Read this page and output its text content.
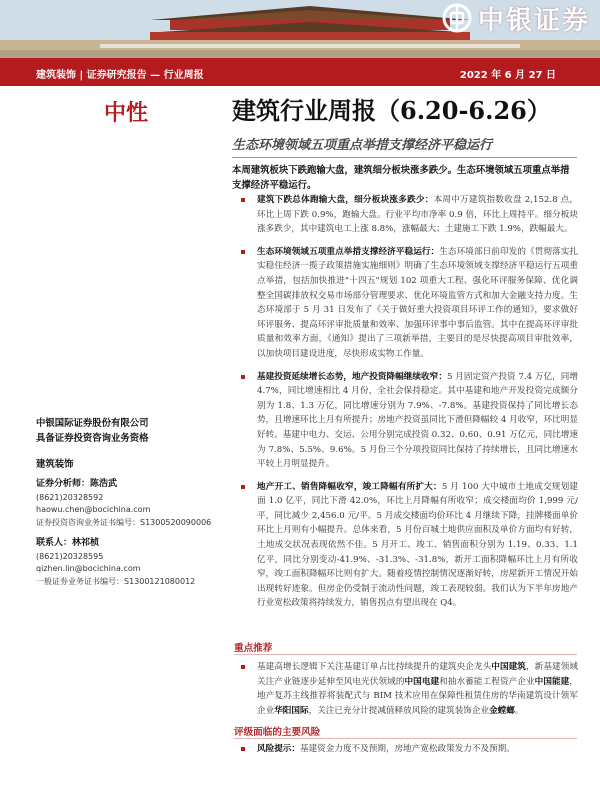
中银证券
建筑装饰 | 证券研究报告 — 行业周报	2022 年 6 月 27 日
中性	建筑行业周报（6.20-6.26）
生态环境领域五项重点举措支撑经济平稳运行
本周建筑板块下跌跑输大盘，建筑细分板块涨多跌少。生态环境领域五项重点举措支撑经济平稳运行。
建筑下跌总体跑输大盘，细分板块涨多跌少：本周中万建筑指数收盘 2,152.8 点，环比上周下跌 0.9%，跑输大盘。行业平均市净率 0.9 倍，环比上周持平。细分板块涨多跌少，其中建筑电工上涨 8.8%，涨幅最大；土建施工下跌 1.9%，跌幅最大。
生态环境领域五项重点举措支撑经济平稳运行：生态环境部日前印发的《贯彻落实扎实稳住经济一揽子政策措施实施细则》明确了生态环境领域支撑经济平稳运行五项重点举措，包括加快推进"十四五"规划 102 项重大工程、强化环评服务保障、优化调整全国碳排放权交易市场部分管理要求、优化环境监管方式和加大金融支持力度。生态环境部于 5 月 31 日发布了《关于做好重大投资项目环评工作的通知》，要求做好环评服务、提高环评审批质量和效率、加强环评事中事后监管。其中在提高环评审批质量和效率方面，《通知》提出了三项新举措，主要目的是尽快提高项目审批效率，以加快项目建设进度，尽快形成实物工作量。
基建投资延续增长态势，地产投资降幅继续收窄：5 月固定资产投资 7.4 万亿，同增 4.7%，同比增速相比 4 月份，全社会保持稳定。其中基建和地产开发投资完成额分别为 1.8、1.3 万亿，同比增速分别为 7.9%、-7.8%。基建投资保持了同比增长态势，且增速环比上月有所提升；房地产投资虽同比下滑但降幅较 4 月收窄，环比明显好转。基建中电力、交运、公用分别完成投资 0.32、0.60、0.91 万亿元，同比增速为 7.8%、5.5%、9.6%。5 月份三个分项投资同比保持了持续增长，且同比增速水平较上月明显提升。
地产开工、销售降幅收窄，竣工降幅有所扩大：5 月 100 大中城市土地成交规划建面 1.0 亿平，同比下滑 42.0%，环比上月降幅有所收窄；成交楼面均价 1,999 元/平，同比减少 2,456.0 元/平。5 月成交楼面均价环比 4 月继续下降，挂牌楼面单价环比上月则有小幅提升。总体来看，5 月份百城土地供应面积及单价方面均有好转，土地成交状况表现依然不佳。5 月开工、竣工、销售面积分别为 1.19、0.33、1.1 亿平，同比分别变动-41.9%、-31.3%、-31.8%，新开工面积降幅环比上月有所收窄，竣工面积降幅环比则有扩大。随着疫情控制情况逐渐好转，房屋新开工情况开始出现转好迹象。但房企仍受制于流动性问题，竣工表现较弱。我们认为下半年房地产行业宽松政策将持续发力，销售拐点有望出现在 Q4。
重点推荐
基建高增长逻辑下关注基建订单占比持续提升的建筑央企龙头中国建筑，新基建领域关注产业链逐步延伸至风电光伏领域的中国电建和抽水蓄能工程资产企业中国能建，地产复苏主线推荐将装配式与 BIM 技术应用在保障性租赁住房的华南建筑设计领军企业华阳国际，关注已充分计提减值释放风险的建筑装饰企业金螳螂。
评级面临的主要风险
风险提示：基建资金力度不及预期，房地产宽松政策发力不及预期。
中银国际证券股份有限公司
具备证券投资咨询业务资格
建筑装饰
证券分析师：陈浩武
(8621)20328592
haowu.chen@bocichina.com
证券投资咨询业务证书编号：S1300520090006
联系人：林祁桢
(8621)20328595
qizhen.lin@bocichina.com
一般证券业务证书编号：S1300121080012
